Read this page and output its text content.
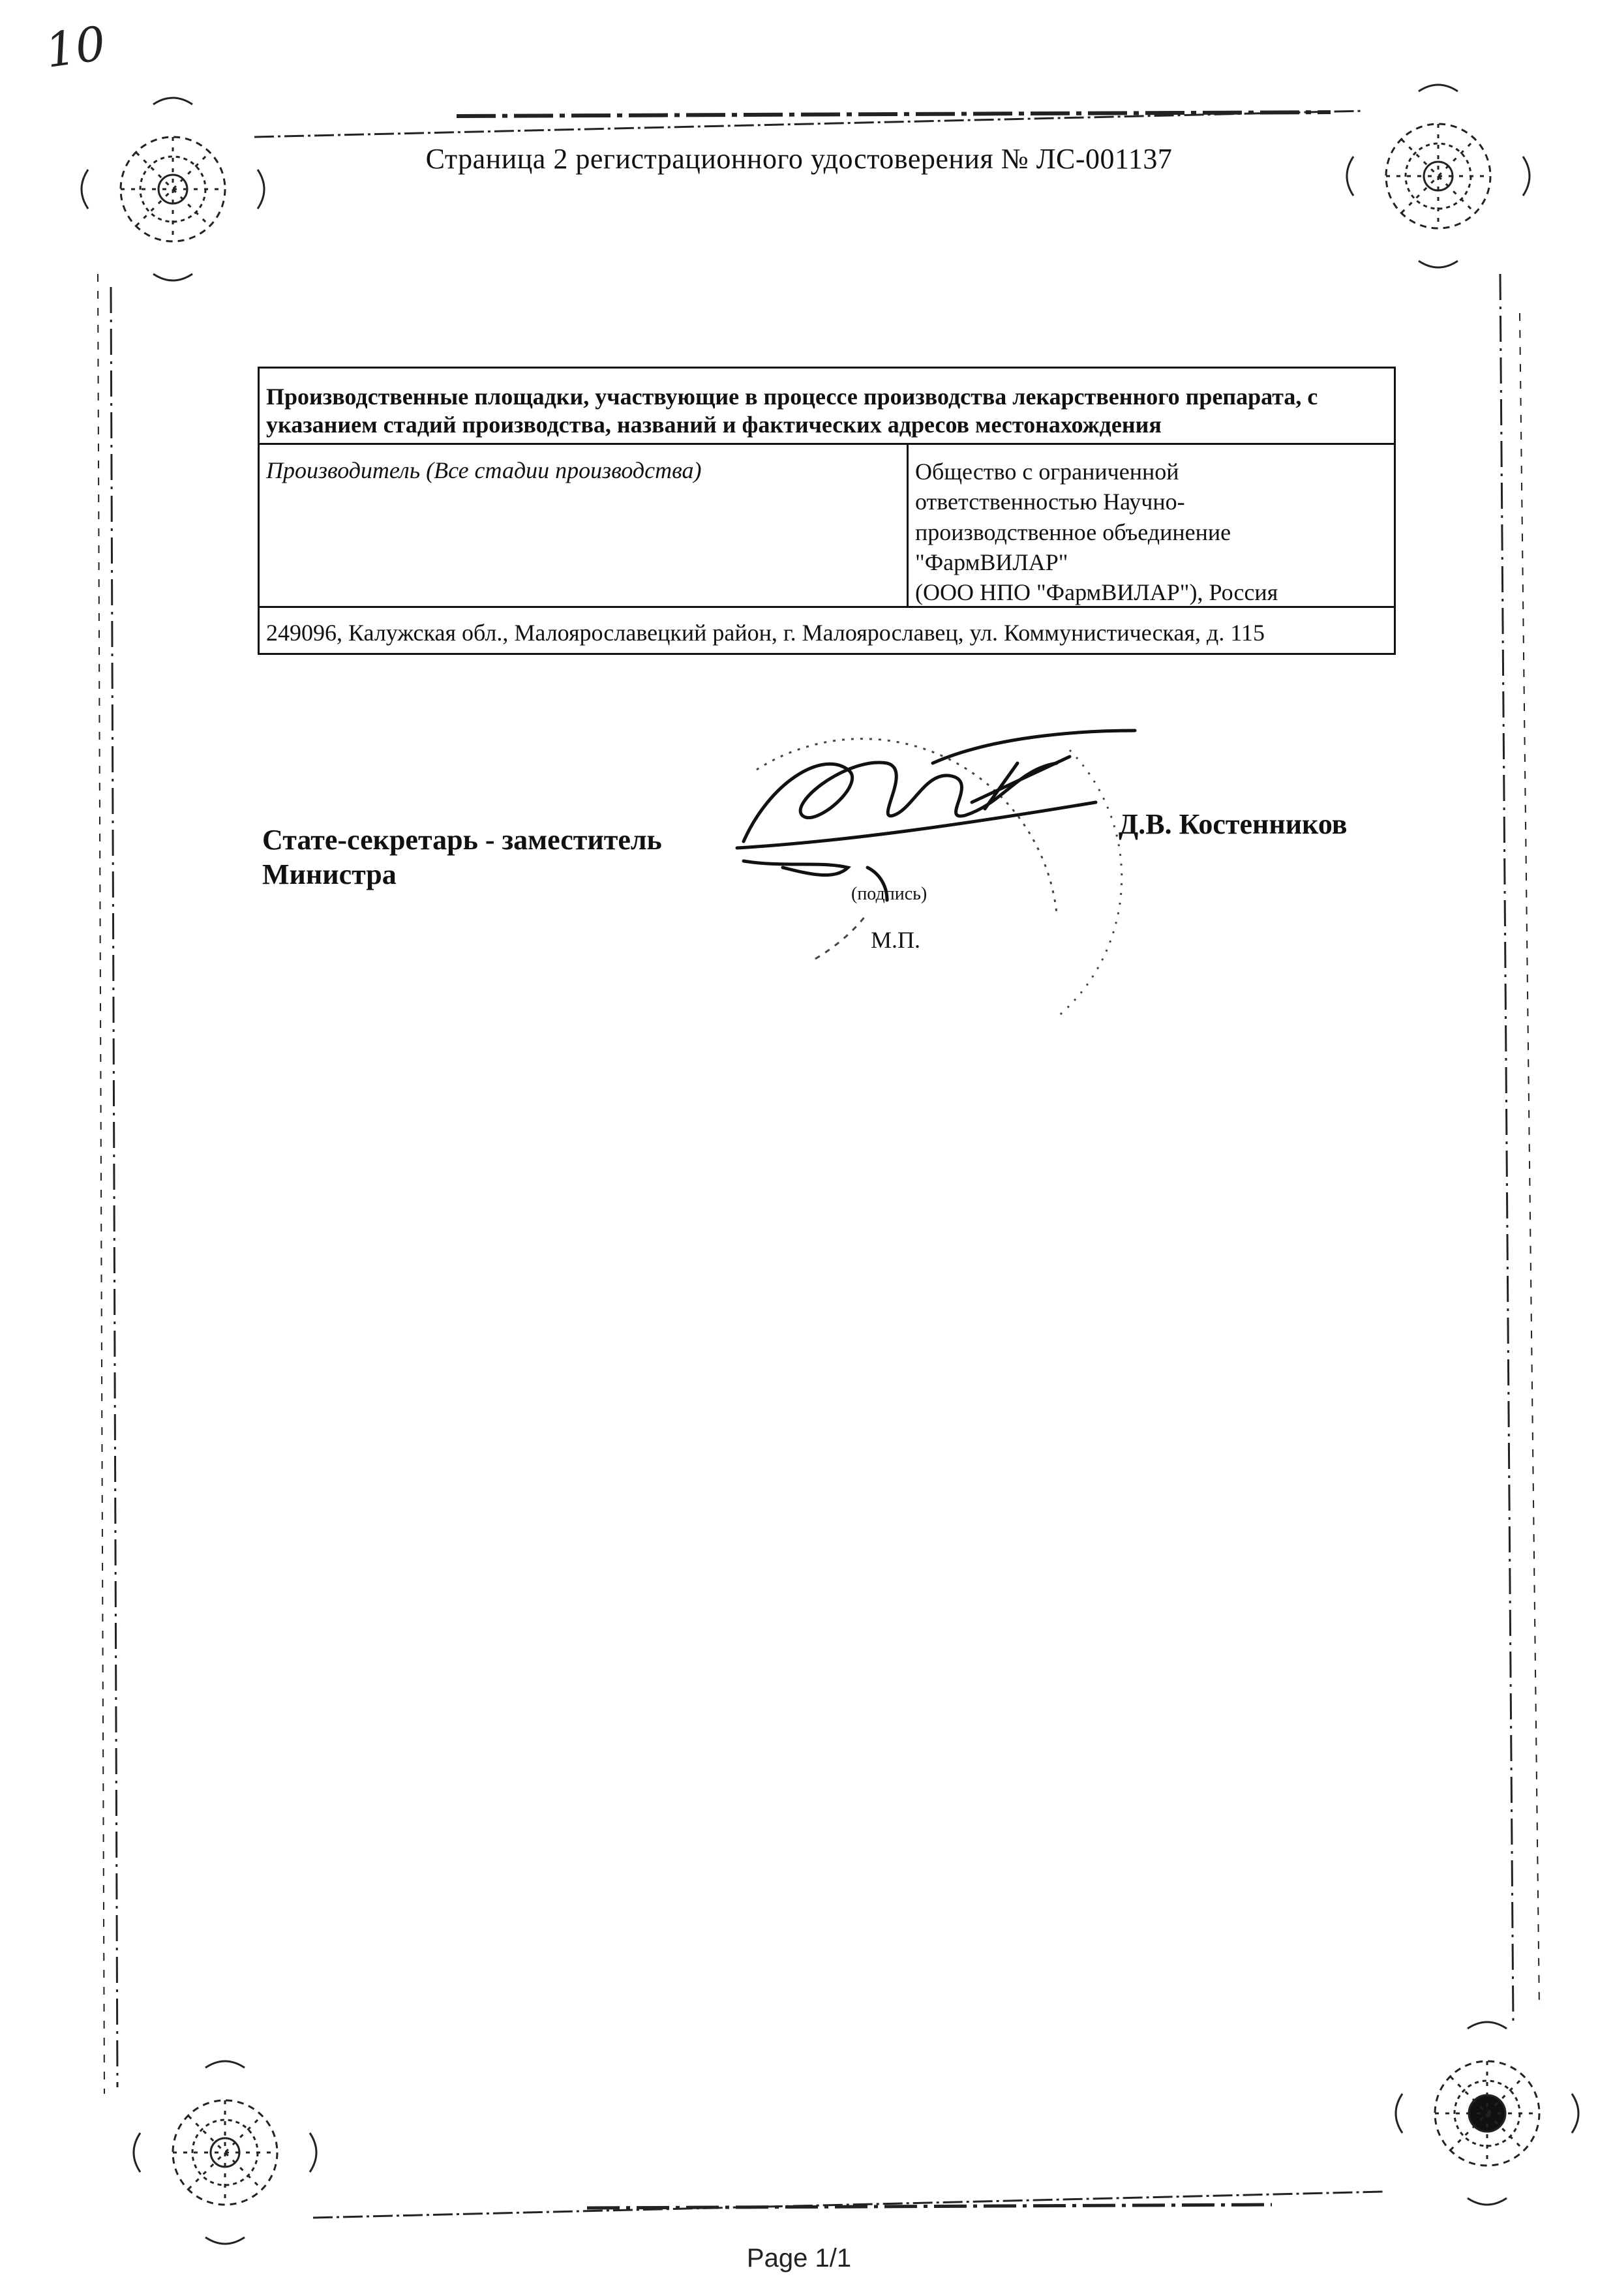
10
Страница 2 регистрационного удостоверения № ЛС-001137
Производственные площадки, участвующие в процессе производства лекарственного препарата, с указанием стадий производства, названий и фактических адресов местонахождения
Производитель (Все стадии производства)	Общество с ограниченной
ответственностью Научно-
производственное объединение
"ФармВИЛАР"
(ООО НПО "ФармВИЛАР"), Россия
249096, Калужская обл., Малоярославецкий район, г. Малоярославец, ул. Коммунистическая, д. 115
Стате-секретарь - заместитель
Министра
Д.В. Костенников
(подпись)
М.П.
Page 1/1
